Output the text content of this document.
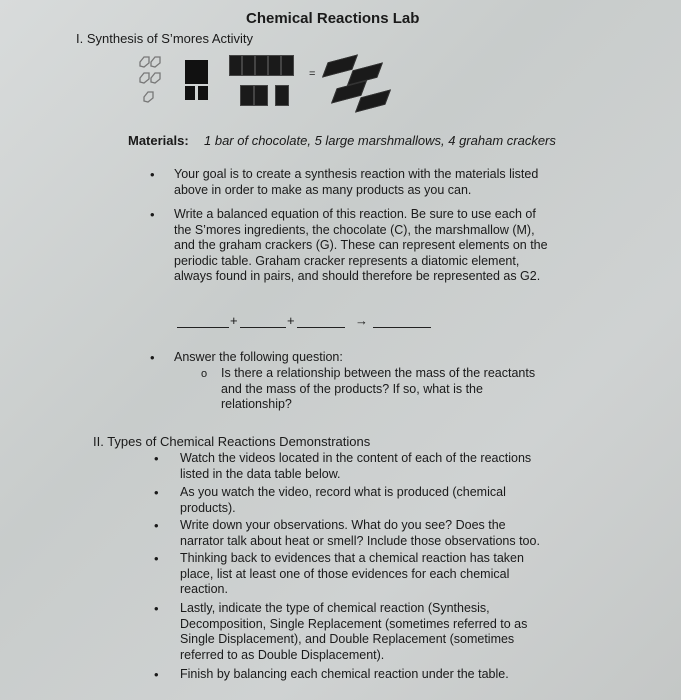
Chemical Reactions Lab
I. Synthesis of S’mores Activity
=
Materials: 1 bar of chocolate, 5 large marshmallows, 4 graham crackers
• Your goal is to create a synthesis reaction with the materials listed
above in order to make as many products as you can.
• Write a balanced equation of this reaction. Be sure to use each of
the S’mores ingredients, the chocolate (C), the marshmallow (M),
and the graham crackers (G). These can represent elements on the
periodic table. Graham cracker represents a diatomic element,
always found in pairs, and should therefore be represented as G2.
+	+	→
• Answer the following question:
o Is there a relationship between the mass of the reactants
and the mass of the products? If so, what is the
relationship?
II. Types of Chemical Reactions Demonstrations
• Watch the videos located in the content of each of the reactions
listed in the data table below.
• As you watch the video, record what is produced (chemical
products).
• Write down your observations. What do you see? Does the
narrator talk about heat or smell? Include those observations too.
• Thinking back to evidences that a chemical reaction has taken
place, list at least one of those evidences for each chemical
reaction.
• Lastly, indicate the type of chemical reaction (Synthesis,
Decomposition, Single Replacement (sometimes referred to as
Single Displacement), and Double Replacement (sometimes
referred to as Double Displacement).
• Finish by balancing each chemical reaction under the table.
